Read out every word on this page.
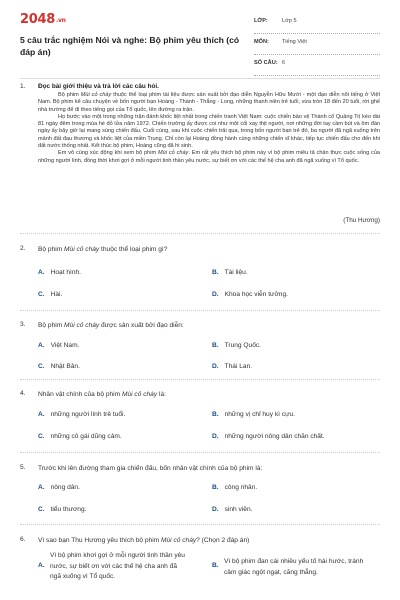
2048.vn
5 câu trắc nghiệm Nói và nghe: Bộ phim yêu thích (có đáp án)
LỚP:	Lớp 5
MÔN: Tiếng Việt
SỐ CÂU: 6
1. Đọc bài giới thiệu và trả lời các câu hỏi.

Bộ phim Mùi cỏ cháy thuộc thể loại phim tài liệu được sản xuất bởi đạo diễn Nguyễn Hữu Mười - một đạo diễn nổi tiếng ở Việt Nam. Bộ phim kể câu chuyện về bốn người bạn Hoàng - Thành - Thắng - Long, những thanh niên trẻ tuổi, vừa tròn 18 đến 20 tuổi, rời ghế nhà trường để đi theo tiếng gọi của Tổ quốc, lên đường ra trận.

Họ bước vào một trong những trận đánh khốc liệt nhất trong chiến tranh Việt Nam: cuộc chiến bảo vệ Thành cổ Quảng Trị kéo dài 81 ngày đêm trong mùa hè đỏ lửa năm 1972. Chiến trường ấy được coi như một cối xay thịt người, nơi những đời tay cầm bút và ôm đàn ngày ấy bây giờ lại mang súng chiến đấu. Cuối cùng, sau khi cuộc chiến trải qua, trong bốn người bạn trẻ đó, ba người đã ngã xuống trên mảnh đất đau thương và khốc liệt của miền Trung. Chỉ còn lại Hoàng đồng hành cùng những chiến sĩ khác, tiếp tục chiến đấu cho đến khi đất nước thống nhất. Kết thúc bộ phim, Hoàng cũng đã hi sinh.

Em vô cùng xúc động khi xem bộ phim Mùi cỏ cháy. Em rất yêu thích bộ phim này vì bộ phim miêu tả chân thực cuộc sống của những người lính, đồng thời khơi gợi ở mỗi người tinh thần yêu nước, sự biết ơn với các thế hệ cha anh đã ngã xuống vì Tổ quốc.

(Thu Hương)
2. Bộ phim Mùi cỏ cháy thuộc thể loại phim gì?
A. Hoạt hình.	B. Tài liệu.
C. Hài.	D. Khoa học viễn tưởng.
3. Bộ phim Mùi cỏ cháy được sản xuất bởi đạo diễn:
A. Việt Nam.	B. Trung Quốc.
C. Nhật Bản.	D. Thái Lan.
4. Nhân vật chính của bộ phim Mùi cỏ cháy là:
A. những người lính trẻ tuổi.	B. những vị chỉ huy kì cựu.
C. những cô gái dũng cảm.	D. những người nông dân chăn chất.
5. Trước khi lên đường tham gia chiến đấu, bốn nhân vật chính của bộ phim là:
A. nông dân.	B. công nhân.
C. tiểu thương.	D. sinh viên.
6. Vì sao bạn Thu Hương yêu thích bộ phim Mùi cỏ cháy? (Chọn 2 đáp án)
A.
Vì bộ phim khơi gợi ở mỗi người tinh thần yêu nước, sự biết ơn với các thế hệ cha anh đã ngã xuống vì Tổ quốc.
B.
Vì bộ phim đan cài nhiều yếu tố hài hước, tránh cảm giác ngột ngạt, căng thẳng.
